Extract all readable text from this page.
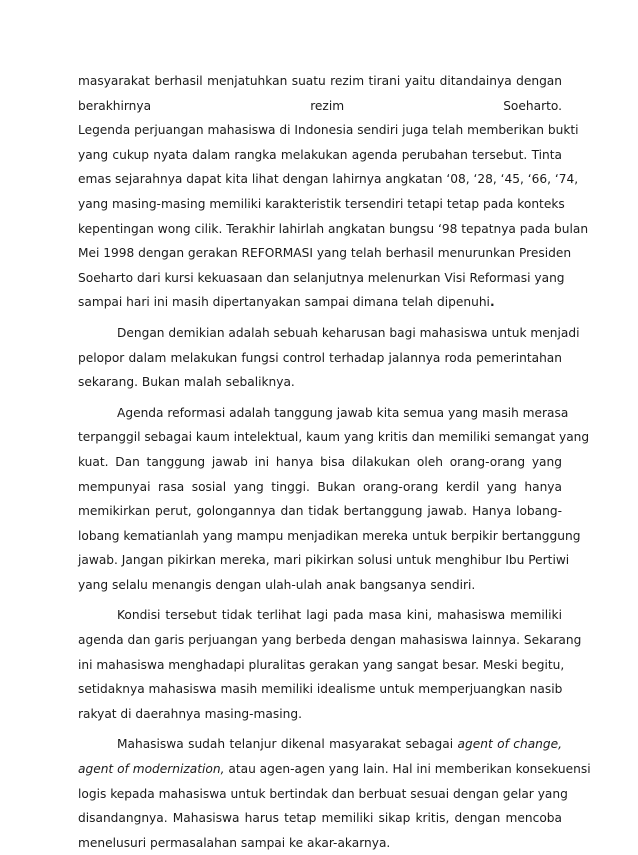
masyarakat berhasil menjatuhkan suatu rezim tirani yaitu ditandainya dengan
berakhirnya	rezim	Soeharto.
Legenda perjuangan mahasiswa di Indonesia sendiri juga telah memberikan bukti
yang cukup nyata dalam rangka melakukan agenda perubahan tersebut. Tinta
emas sejarahnya dapat kita lihat dengan lahirnya angkatan ‘08, ‘28, ‘45, ‘66, ‘74,
yang masing-masing memiliki karakteristik tersendiri tetapi tetap pada konteks
kepentingan wong cilik. Terakhir lahirlah angkatan bungsu ‘98 tepatnya pada bulan
Mei 1998 dengan gerakan REFORMASI yang telah berhasil menurunkan Presiden
Soeharto dari kursi kekuasaan dan selanjutnya melenurkan Visi Reformasi yang
sampai hari ini masih dipertanyakan sampai dimana telah dipenuhi.
Dengan demikian adalah sebuah keharusan bagi mahasiswa untuk menjadi
pelopor dalam melakukan fungsi control terhadap jalannya roda pemerintahan
sekarang. Bukan malah sebaliknya.
Agenda reformasi adalah tanggung jawab kita semua yang masih merasa
terpanggil sebagai kaum intelektual, kaum yang kritis dan memiliki semangat yang
kuat. Dan tanggung jawab ini hanya bisa dilakukan oleh orang-orang yang
mempunyai rasa sosial yang tinggi. Bukan orang-orang kerdil yang hanya
memikirkan perut, golongannya dan tidak bertanggung jawab. Hanya lobang-
lobang kematianlah yang mampu menjadikan mereka untuk berpikir bertanggung
jawab. Jangan pikirkan mereka, mari pikirkan solusi untuk menghibur Ibu Pertiwi
yang selalu menangis dengan ulah-ulah anak bangsanya sendiri.
Kondisi tersebut tidak terlihat lagi pada masa kini, mahasiswa memiliki
agenda dan garis perjuangan yang berbeda dengan mahasiswa lainnya. Sekarang
ini mahasiswa menghadapi pluralitas gerakan yang sangat besar. Meski begitu,
setidaknya mahasiswa masih memiliki idealisme untuk memperjuangkan nasib
rakyat di daerahnya masing-masing.
Mahasiswa sudah telanjur dikenal masyarakat sebagai agent of change,
agent of modernization, atau agen-agen yang lain. Hal ini memberikan konsekuensi
logis kepada mahasiswa untuk bertindak dan berbuat sesuai dengan gelar yang
disandangnya. Mahasiswa harus tetap memiliki sikap kritis, dengan mencoba
menelusuri permasalahan sampai ke akar-akarnya.
